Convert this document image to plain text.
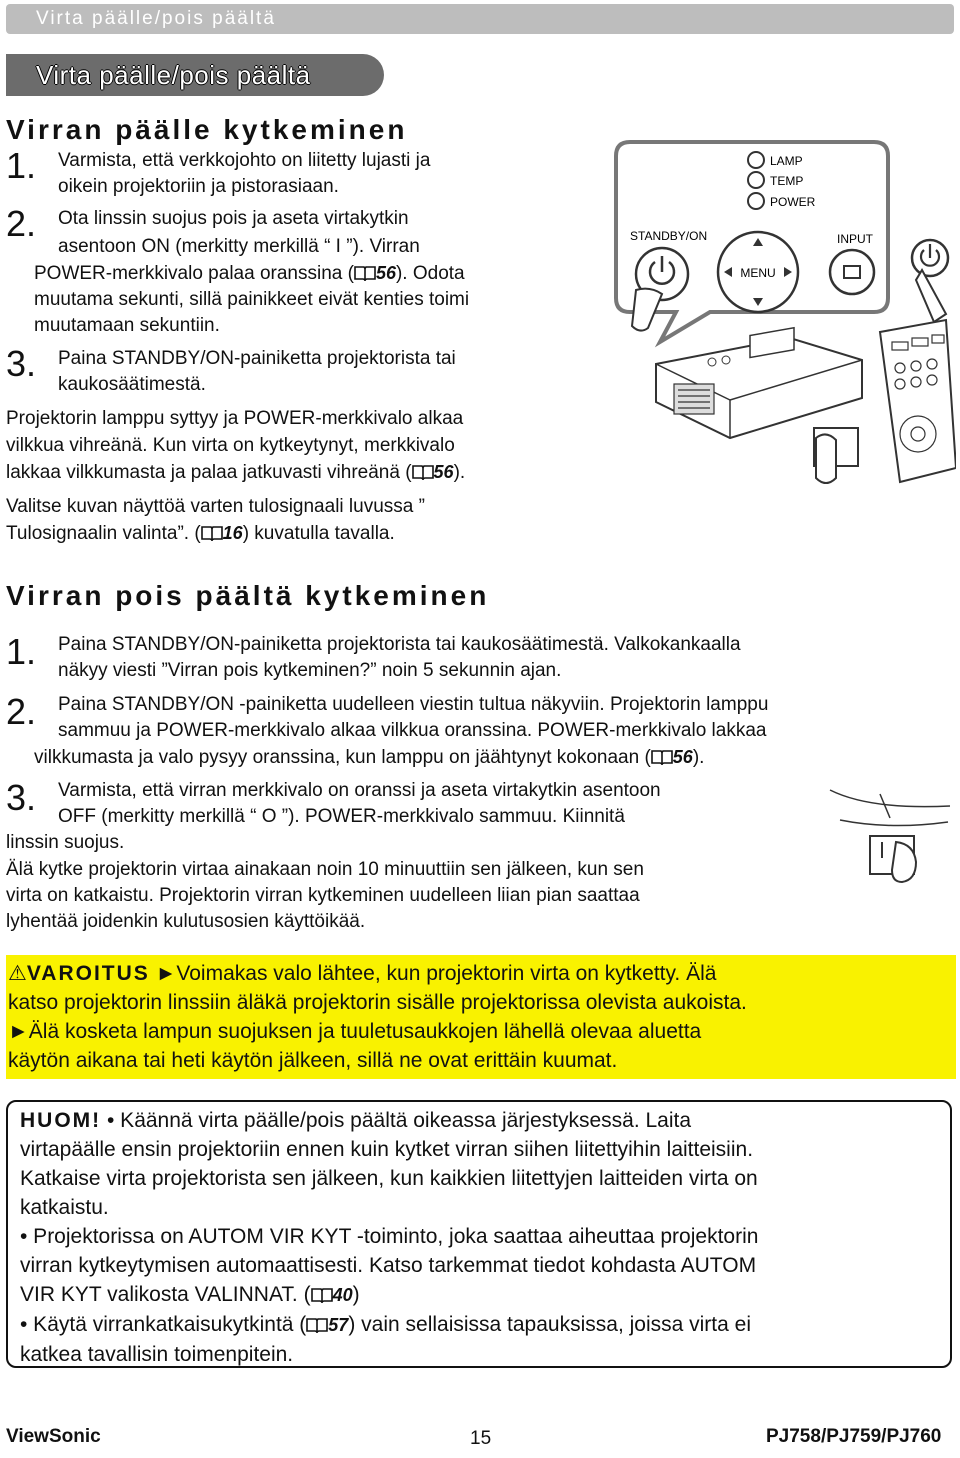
Virta päälle/pois päältä
Virta päälle/pois päältä
Virran päälle kytkeminen
1. Varmista, että verkkojohto on liitetty lujasti ja
oikein projektoriin ja pistorasiaan.
2. Ota linssin suojus pois ja aseta virtakytkin
asentoon ON (merkitty merkillä “ I ”). Virran
POWER-merkkivalo palaa oranssina ( 56). Odota
muutama sekunti, sillä painikkeet eivät kenties toimi
muutamaan sekuntiin.
3. Paina STANDBY/ON-painiketta projektorista tai
kaukosäätimestä.
Projektorin lamppu syttyy ja POWER-merkkivalo alkaa
vilkkua vihreänä. Kun virta on kytkeytynyt, merkkivalo
lakkaa vilkkumasta ja palaa jatkuvasti vihreänä ( 56).
Valitse kuvan näyttöä varten tulosignaali luvussa ”
Tulosignaalin valinta”. ( 16) kuvatulla tavalla.
LAMP
TEMP
POWER
STANDBY/ON
MENU
INPUT
Virran pois päältä kytkeminen
1. Paina STANDBY/ON-painiketta projektorista tai kaukosäätimestä. Valkokankaalla
näkyy viesti ”Virran pois kytkeminen?” noin 5 sekunnin ajan.
2. Paina STANDBY/ON -painiketta uudelleen viestin tultua näkyviin. Projektorin lamppu
sammuu ja POWER-merkkivalo alkaa vilkkua oranssina. POWER-merkkivalo lakkaa
vilkkumasta ja valo pysyy oranssina, kun lamppu on jäähtynyt kokonaan ( 56).
3. Varmista, että virran merkkivalo on oranssi ja aseta virtakytkin asentoon
OFF (merkitty merkillä “ O ”). POWER-merkkivalo sammuu. Kiinnitä
linssin suojus.
Älä kytke projektorin virtaa ainakaan noin 10 minuuttiin sen jälkeen, kun sen
virta on katkaistu. Projektorin virran kytkeminen uudelleen liian pian saattaa
lyhentää joidenkin kulutusosien käyttöikää.
⚠VAROITUS ►Voimakas valo lähtee, kun projektorin virta on kytketty. Älä
katso projektorin linssiin äläkä projektorin sisälle projektorissa olevista aukoista.
►Älä kosketa lampun suojuksen ja tuuletusaukkojen lähellä olevaa aluetta
käytön aikana tai heti käytön jälkeen, sillä ne ovat erittäin kuumat.
HUOM! • Käännä virta päälle/pois päältä oikeassa järjestyksessä. Laita
virtapäälle ensin projektoriin ennen kuin kytket virran siihen liitettyihin laitteisiin.
Katkaise virta projektorista sen jälkeen, kun kaikkien liitettyjen laitteiden virta on
katkaistu.
• Projektorissa on AUTOM VIR KYT -toiminto, joka saattaa aiheuttaa projektorin
virran kytkeytymisen automaattisesti. Katso tarkemmat tiedot kohdasta AUTOM
VIR KYT valikosta VALINNAT. ( 40)
• Käytä virrankatkaisukytkintä ( 57) vain sellaisissa tapauksissa, joissa virta ei
katkea tavallisin toimenpitein.
ViewSonic	15	PJ758/PJ759/PJ760
